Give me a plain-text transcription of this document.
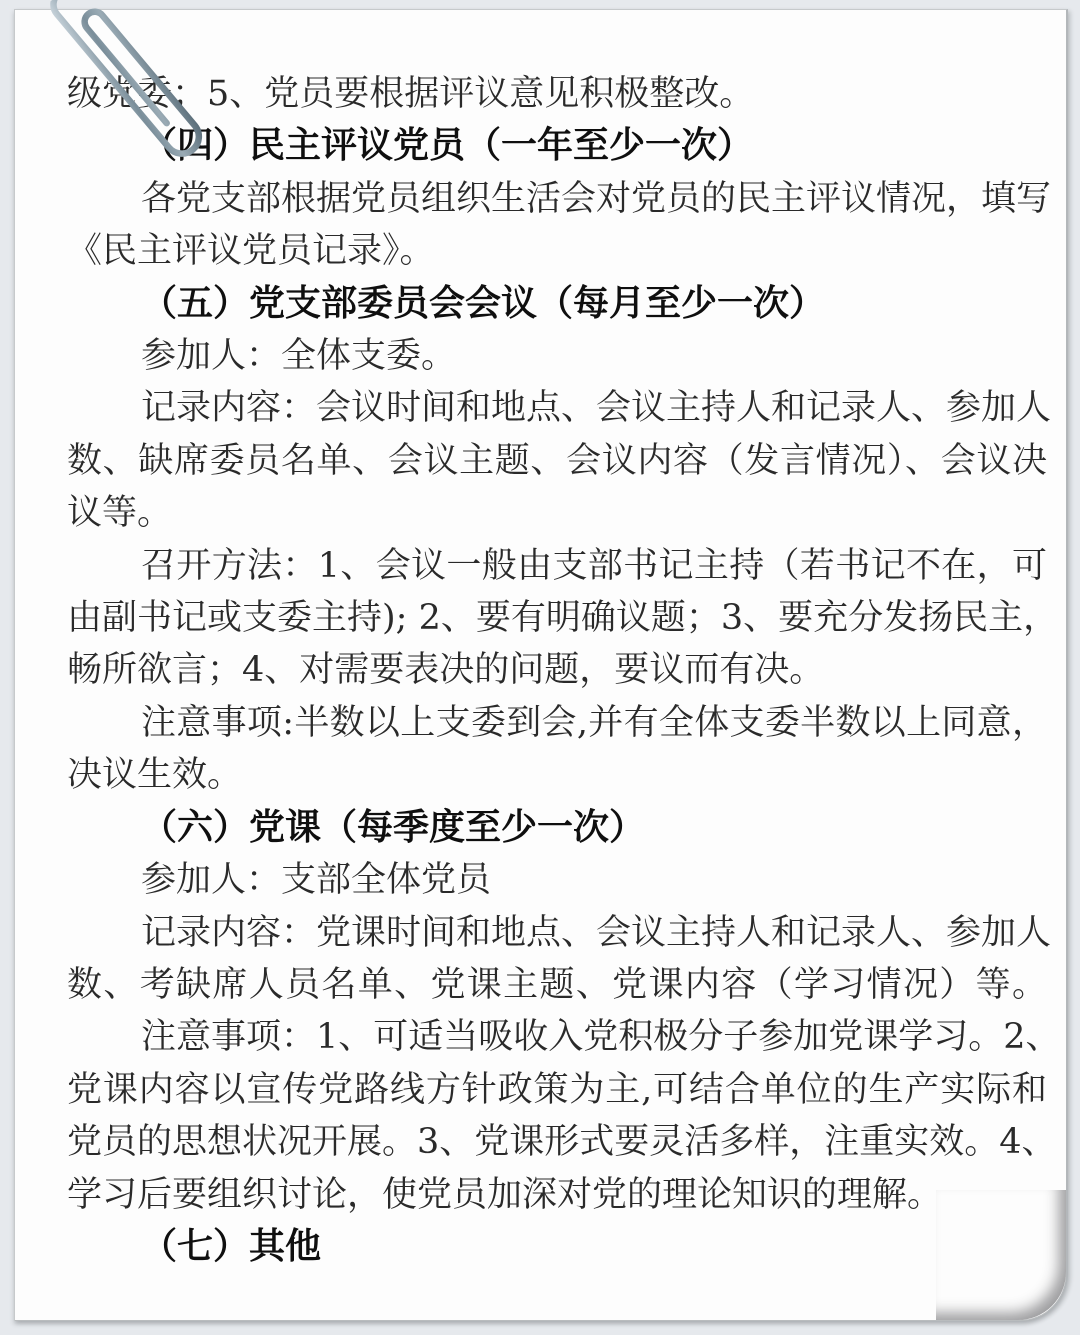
级党委；5、党员要根据评议意见积极整改。
（四）民主评议党员（一年至少一次）
各党支部根据党员组织生活会对党员的民主评议情况，填写
《民主评议党员记录》。
（五）党支部委员会会议（每月至少一次）
参加人：全体支委。
记录内容：会议时间和地点、会议主持人和记录人、参加人
数、缺席委员名单、会议主题、会议内容（发言情况）、会议决
议等。
召开方法：1、会议一般由支部书记主持（若书记不在，可
由副书记或支委主持); 2、要有明确议题；3、要充分发扬民主，
畅所欲言；4、对需要表决的问题，要议而有决。
注意事项:半数以上支委到会,并有全体支委半数以上同意，
决议生效。
（六）党课（每季度至少一次）
参加人：支部全体党员
记录内容：党课时间和地点、会议主持人和记录人、参加人
数、考缺席人员名单、党课主题、党课内容（学习情况）等。
注意事项：1、可适当吸收入党积极分子参加党课学习。2、
党课内容以宣传党路线方针政策为主,可结合单位的生产实际和
党员的思想状况开展。3、党课形式要灵活多样，注重实效。4、
学习后要组织讨论，使党员加深对党的理论知识的理解。
（七）其他
